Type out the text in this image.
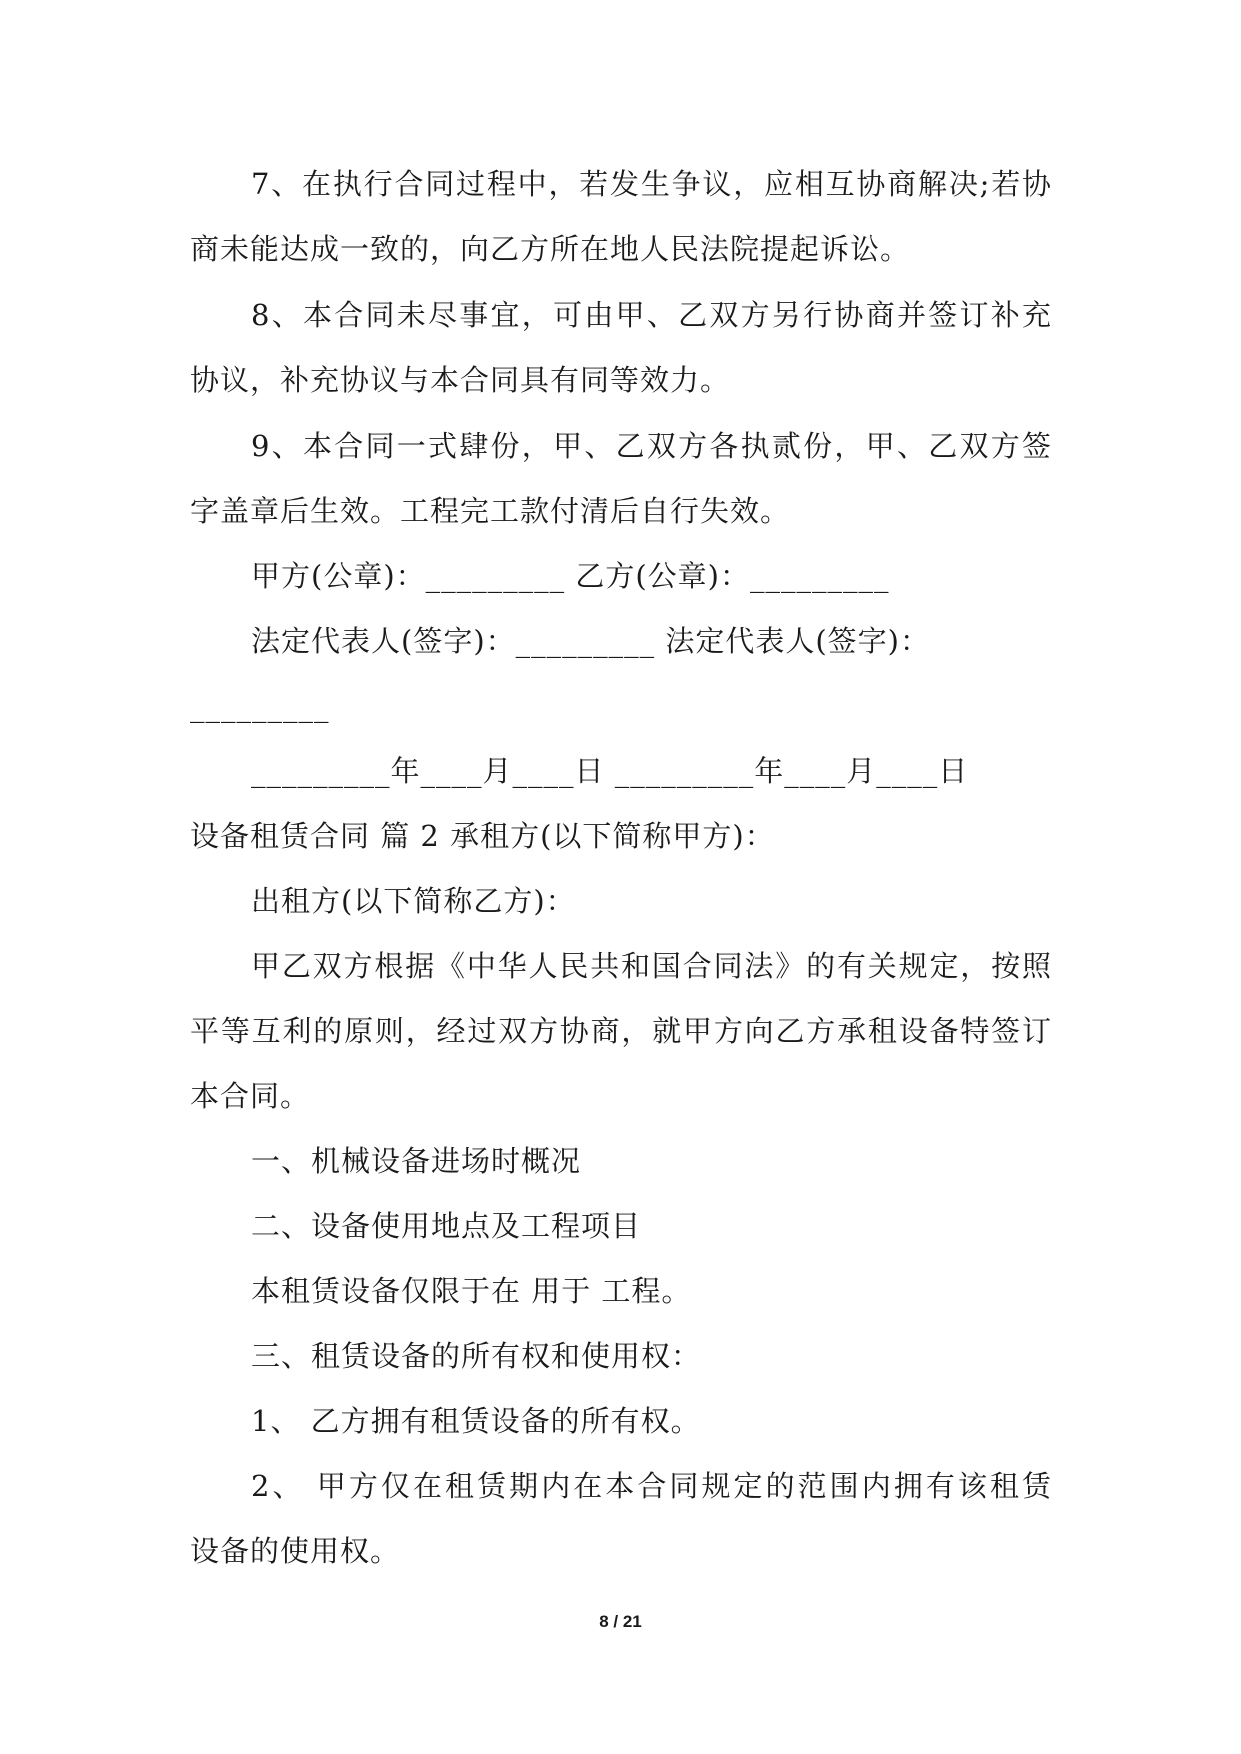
7、在执行合同过程中，若发生争议，应相互协商解决;若协
商未能达成一致的，向乙方所在地人民法院提起诉讼。
8、本合同未尽事宜，可由甲、乙双方另行协商并签订补充
协议，补充协议与本合同具有同等效力。
9、本合同一式肆份，甲、乙双方各执贰份，甲、乙双方签
字盖章后生效。工程完工款付清后自行失效。
甲方(公章)：_________ 乙方(公章)：_________
法定代表人(签字)：_________ 法定代表人(签字)：
_________
_________年____月____日 _________年____月____日
设备租赁合同 篇 2 承租方(以下简称甲方)：
出租方(以下简称乙方)：
甲乙双方根据《中华人民共和国合同法》的有关规定，按照
平等互利的原则，经过双方协商，就甲方向乙方承租设备特签订
本合同。
一、机械设备进场时概况
二、设备使用地点及工程项目
本租赁设备仅限于在 用于 工程。
三、租赁设备的所有权和使用权：
1、 乙方拥有租赁设备的所有权。
2、 甲方仅在租赁期内在本合同规定的范围内拥有该租赁
设备的使用权。
8 / 21
